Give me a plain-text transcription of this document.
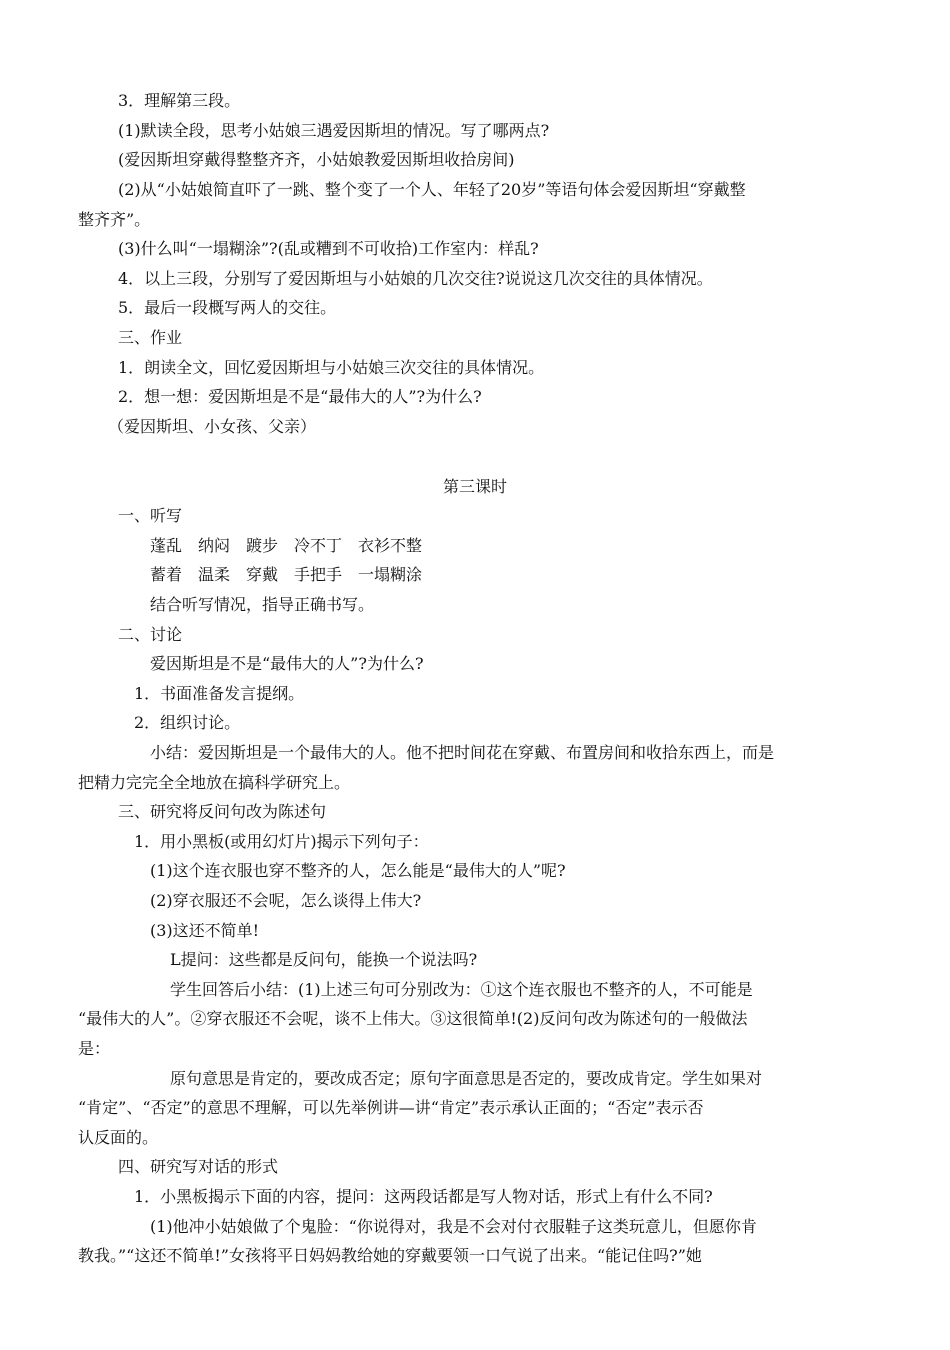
3．理解第三段。
(1)默读全段，思考小姑娘三遇爱因斯坦的情况。写了哪两点?
(爱因斯坦穿戴得整整齐齐，小姑娘教爱因斯坦收拾房间)
(2)从“小姑娘简直吓了一跳、整个变了一个人、年轻了20岁”等语句体会爱因斯坦“穿戴整
整齐齐”。
(3)什么叫“一塌糊涂”?(乱或糟到不可收拾)工作室内：样乱?
4．以上三段，分别写了爱因斯坦与小姑娘的几次交往?说说这几次交往的具体情况。
5．最后一段概写两人的交往。
三、作业
1．朗读全文，回忆爱因斯坦与小姑娘三次交往的具体情况。
2．想一想：爱因斯坦是不是“最伟大的人”?为什么?
（爱因斯坦、小女孩、父亲）
第三课时
一、听写
蓬乱　纳闷　踱步　冷不丁　衣衫不整
蓄着　温柔　穿戴　手把手　一塌糊涂
结合听写情况，指导正确书写。
二、讨论
爱因斯坦是不是“最伟大的人”?为什么?
1．书面准备发言提纲。
2．组织讨论。
小结：爱因斯坦是一个最伟大的人。他不把时间花在穿戴、布置房间和收拾东西上，而是
把精力完完全全地放在搞科学研究上。
三、研究将反问句改为陈述句
1．用小黑板(或用幻灯片)揭示下列句子：
(1)这个连衣服也穿不整齐的人，怎么能是“最伟大的人”呢?
(2)穿衣服还不会呢，怎么谈得上伟大?
(3)这还不简单!
L提问：这些都是反问句，能换一个说法吗?
学生回答后小结：(1)上述三句可分别改为：①这个连衣服也不整齐的人，不可能是
“最伟大的人”。②穿衣服还不会呢，谈不上伟大。③这很简单!(2)反问句改为陈述句的一般做法
是：
原句意思是肯定的，要改成否定；原句字面意思是否定的，要改成肯定。学生如果对
“肯定”、“否定”的意思不理解，可以先举例讲—讲“肯定”表示承认正面的；“否定”表示否
认反面的。
四、研究写对话的形式
1．小黑板揭示下面的内容，提问：这两段话都是写人物对话，形式上有什么不同?
(1)他冲小姑娘做了个鬼脸：“你说得对，我是不会对付衣服鞋子这类玩意儿，但愿你肯
教我。”“这还不简单!”女孩将平日妈妈教给她的穿戴要领一口气说了出来。“能记住吗?”她
